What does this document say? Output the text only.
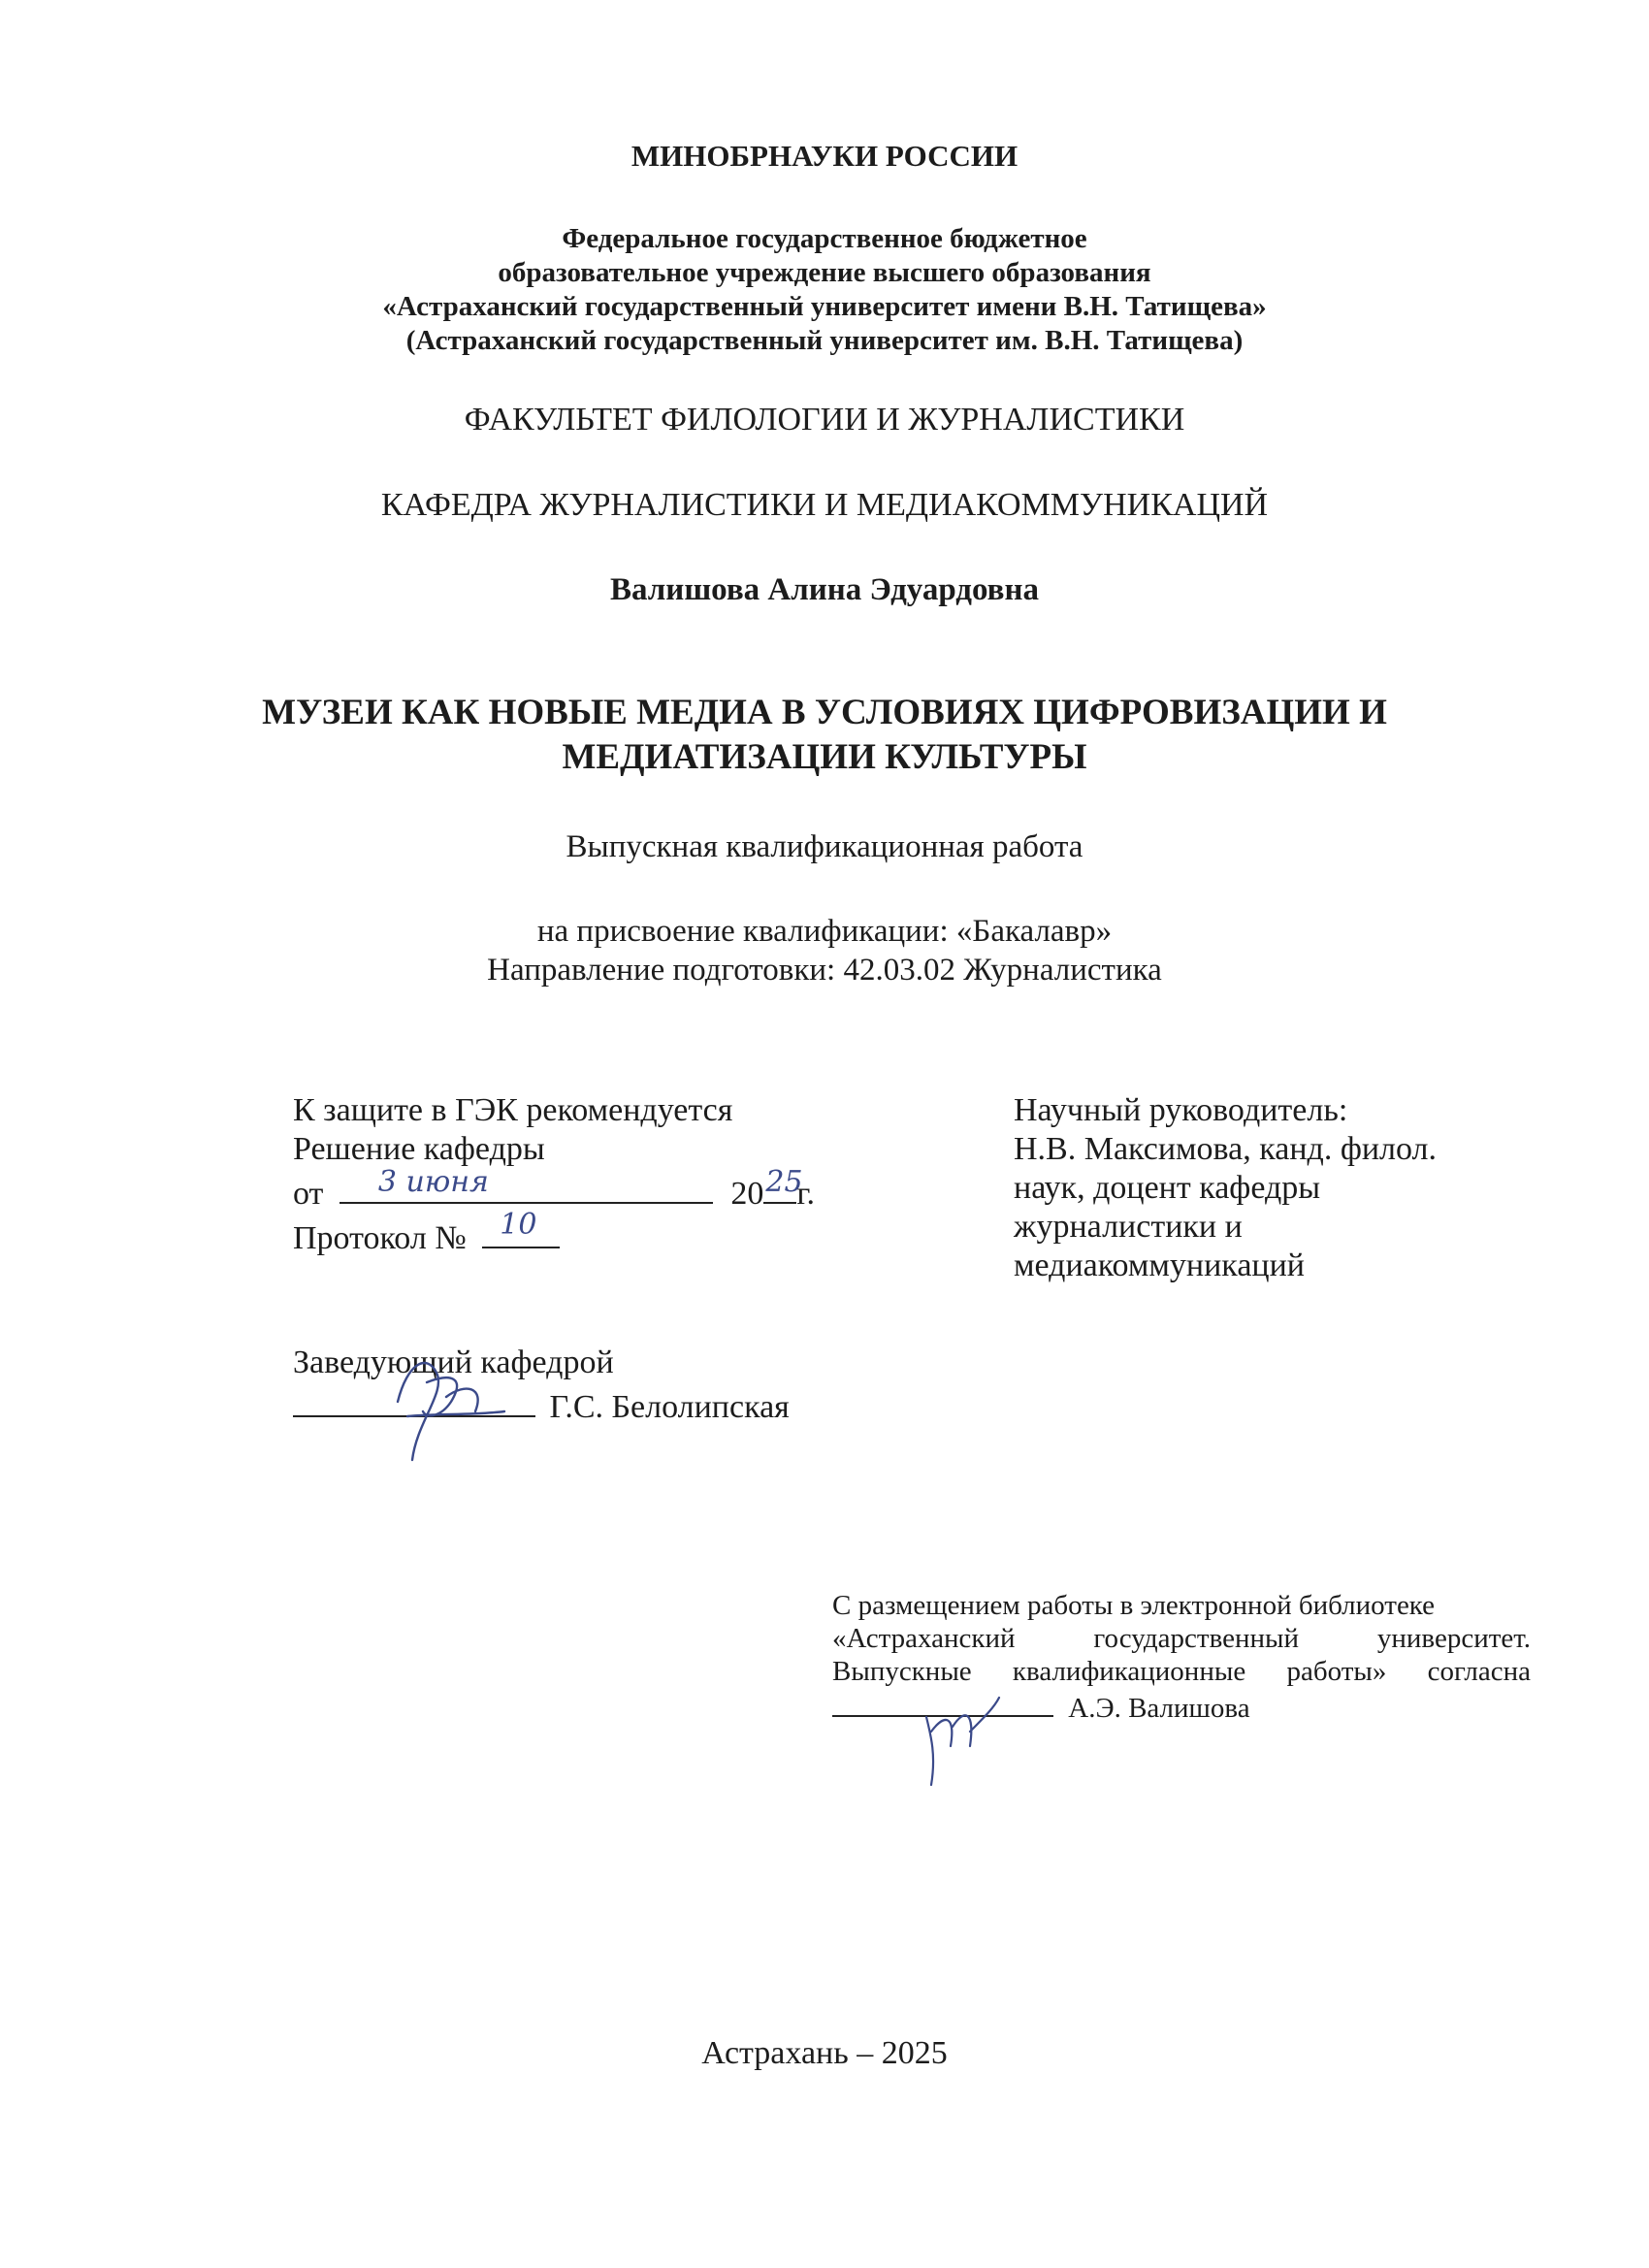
МИНОБРНАУКИ РОССИИ
Федеральное государственное бюджетное
образовательное учреждение высшего образования
«Астраханский государственный университет имени В.Н. Татищева»
(Астраханский государственный университет им. В.Н. Татищева)
ФАКУЛЬТЕТ ФИЛОЛОГИИ И ЖУРНАЛИСТИКИ
КАФЕДРА ЖУРНАЛИСТИКИ И МЕДИАКОММУНИКАЦИЙ
Валишова Алина Эдуардовна
МУЗЕИ КАК НОВЫЕ МЕДИА В УСЛОВИЯХ ЦИФРОВИЗАЦИИ И
МЕДИАТИЗАЦИИ КУЛЬТУРЫ
Выпускная квалификационная работа
на присвоение квалификации: «Бакалавр»
Направление подготовки: 42.03.02 Журналистика
К защите в ГЭК рекомендуется
Решение кафедры
от 3 июня	20 25
г.
Протокол № 10
Научный руководитель:
Н.В. Максимова, канд. филол.
наук, доцент кафедры
журналистики и
медиакоммуникаций
Заведующий кафедрой
Г.С. Белолипская
С размещением работы в электронной библиотеке
«Астраханский государственный университет.
Выпускные квалификационные работы» согласна
А.Э. Валишова
Астрахань – 2025
